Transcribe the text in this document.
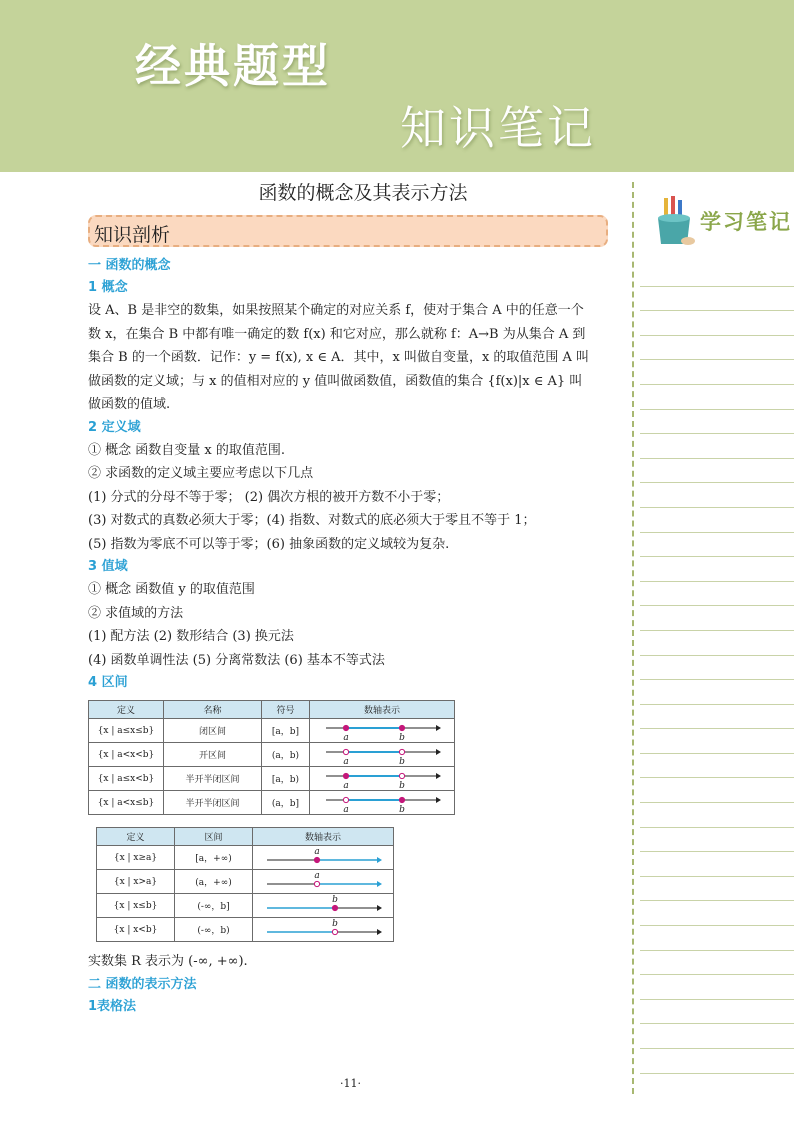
经典题型
知识笔记
学习笔记
函数的概念及其表示方法
知识剖析
一 函数的概念
1 概念
设 A、B 是非空的数集，如果按照某个确定的对应关系 f，使对于集合 A 中的任意一个
数 x，在集合 B 中都有唯一确定的数 f(x) 和它对应，那么就称 f：A→B 为从集合 A 到
集合 B 的一个函数．记作：y = f(x), x ∈ A．其中，x 叫做自变量，x 的取值范围 A 叫
做函数的定义域；与 x 的值相对应的 y 值叫做函数值，函数值的集合 {f(x)|x ∈ A} 叫
做函数的值域.
2 定义域
① 概念 函数自变量 x 的取值范围.
② 求函数的定义域主要应考虑以下几点
(1) 分式的分母不等于零； (2) 偶次方根的被开方数不小于零；
(3) 对数式的真数必须大于零；(4) 指数、对数式的底必须大于零且不等于 1；
(5) 指数为零底不可以等于零；(6) 抽象函数的定义域较为复杂.
3 值域
① 概念 函数值 y 的取值范围
② 求值域的方法
(1) 配方法 (2) 数形结合 (3) 换元法
(4) 函数单调性法 (5) 分离常数法 (6) 基本不等式法
4 区间
定义	名称	符号	数轴表示
{x | a≤x≤b}	闭区间	[a，b]	a b

{x | a<x<b}	开区间	(a，b)	a b

{x | a≤x<b}	半开半闭区间	[a，b)	a b

{x | a<x≤b}	半开半闭区间	(a，b]	a b
定义	区间	数轴表示
{x | x≥a}	[a，+∞)	a

{x | x>a}	(a，+∞)	a

{x | x≤b}	(-∞，b]	b

{x | x<b}	(-∞，b)	b
实数集 R 表示为 (-∞, +∞).
二 函数的表示方法
1表格法
·11·
